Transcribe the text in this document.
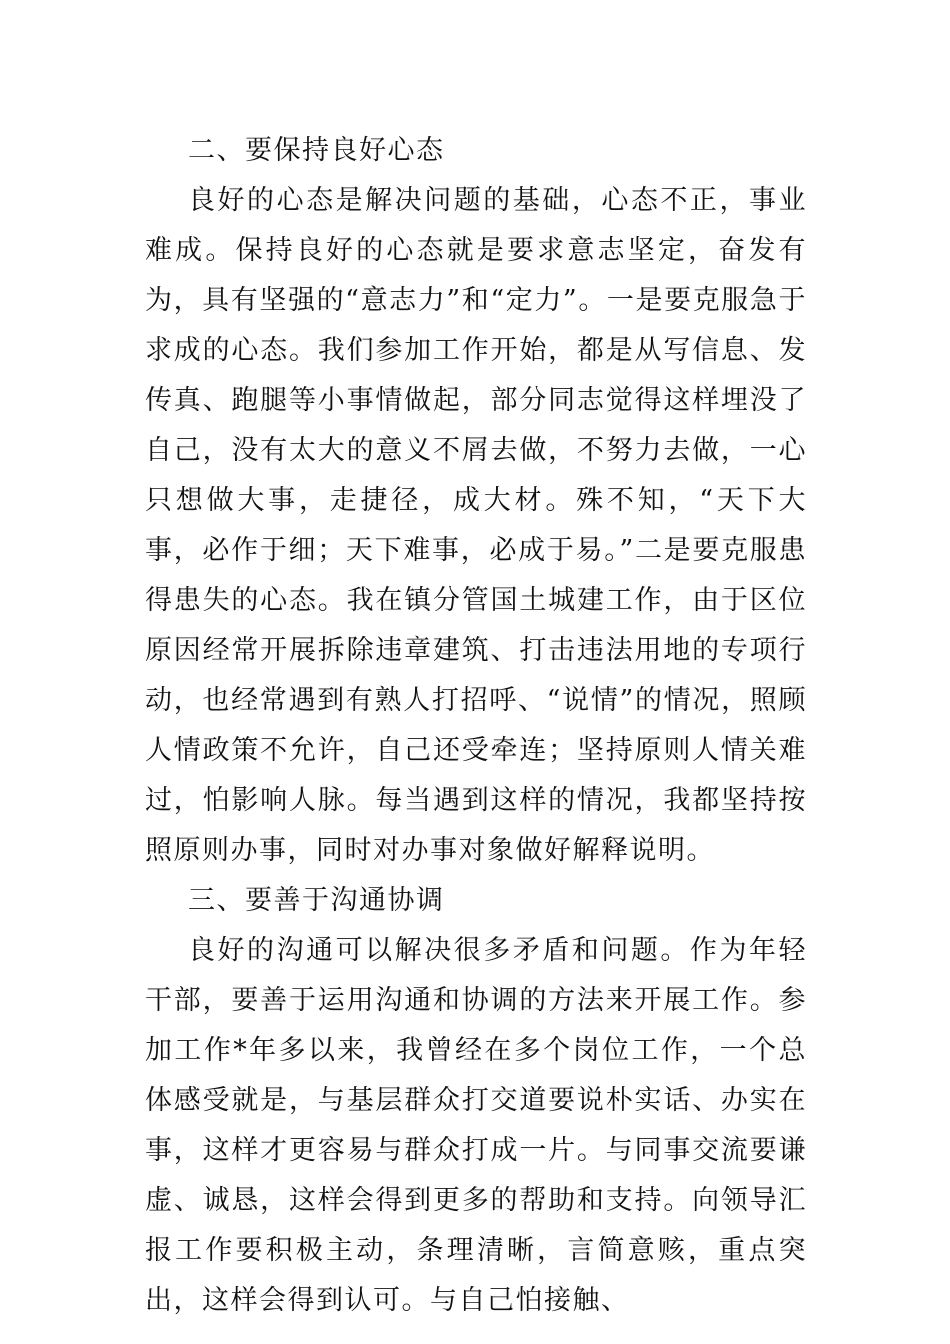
二、要保持良好心态

良好的心态是解决问题的基础，心态不正，事业难成。保持良好的心态就是要求意志坚定，奋发有为，具有坚强的“意志力”和“定力”。一是要克服急于求成的心态。我们参加工作开始，都是从写信息、发传真、跑腿等小事情做起，部分同志觉得这样埋没了自己，没有太大的意义不屑去做，不努力去做，一心只想做大事，走捷径，成大材。殊不知，“天下大事，必作于细；天下难事，必成于易。”二是要克服患得患失的心态。我在镇分管国土城建工作，由于区位原因经常开展拆除违章建筑、打击违法用地的专项行动，也经常遇到有熟人打招呼、“说情”的情况，照顾人情政策不允许，自己还受牵连；坚持原则人情关难过，怕影响人脉。每当遇到这样的情况，我都坚持按照原则办事，同时对办事对象做好解释说明。

三、要善于沟通协调

良好的沟通可以解决很多矛盾和问题。作为年轻干部，要善于运用沟通和协调的方法来开展工作。参加工作*年多以来，我曾经在多个岗位工作，一个总体感受就是，与基层群众打交道要说朴实话、办实在事，这样才更容易与群众打成一片。与同事交流要谦虚、诚恳，这样会得到更多的帮助和支持。向领导汇报工作要积极主动，条理清晰，言简意赅，重点突出，这样会得到认可。与自己怕接触、
